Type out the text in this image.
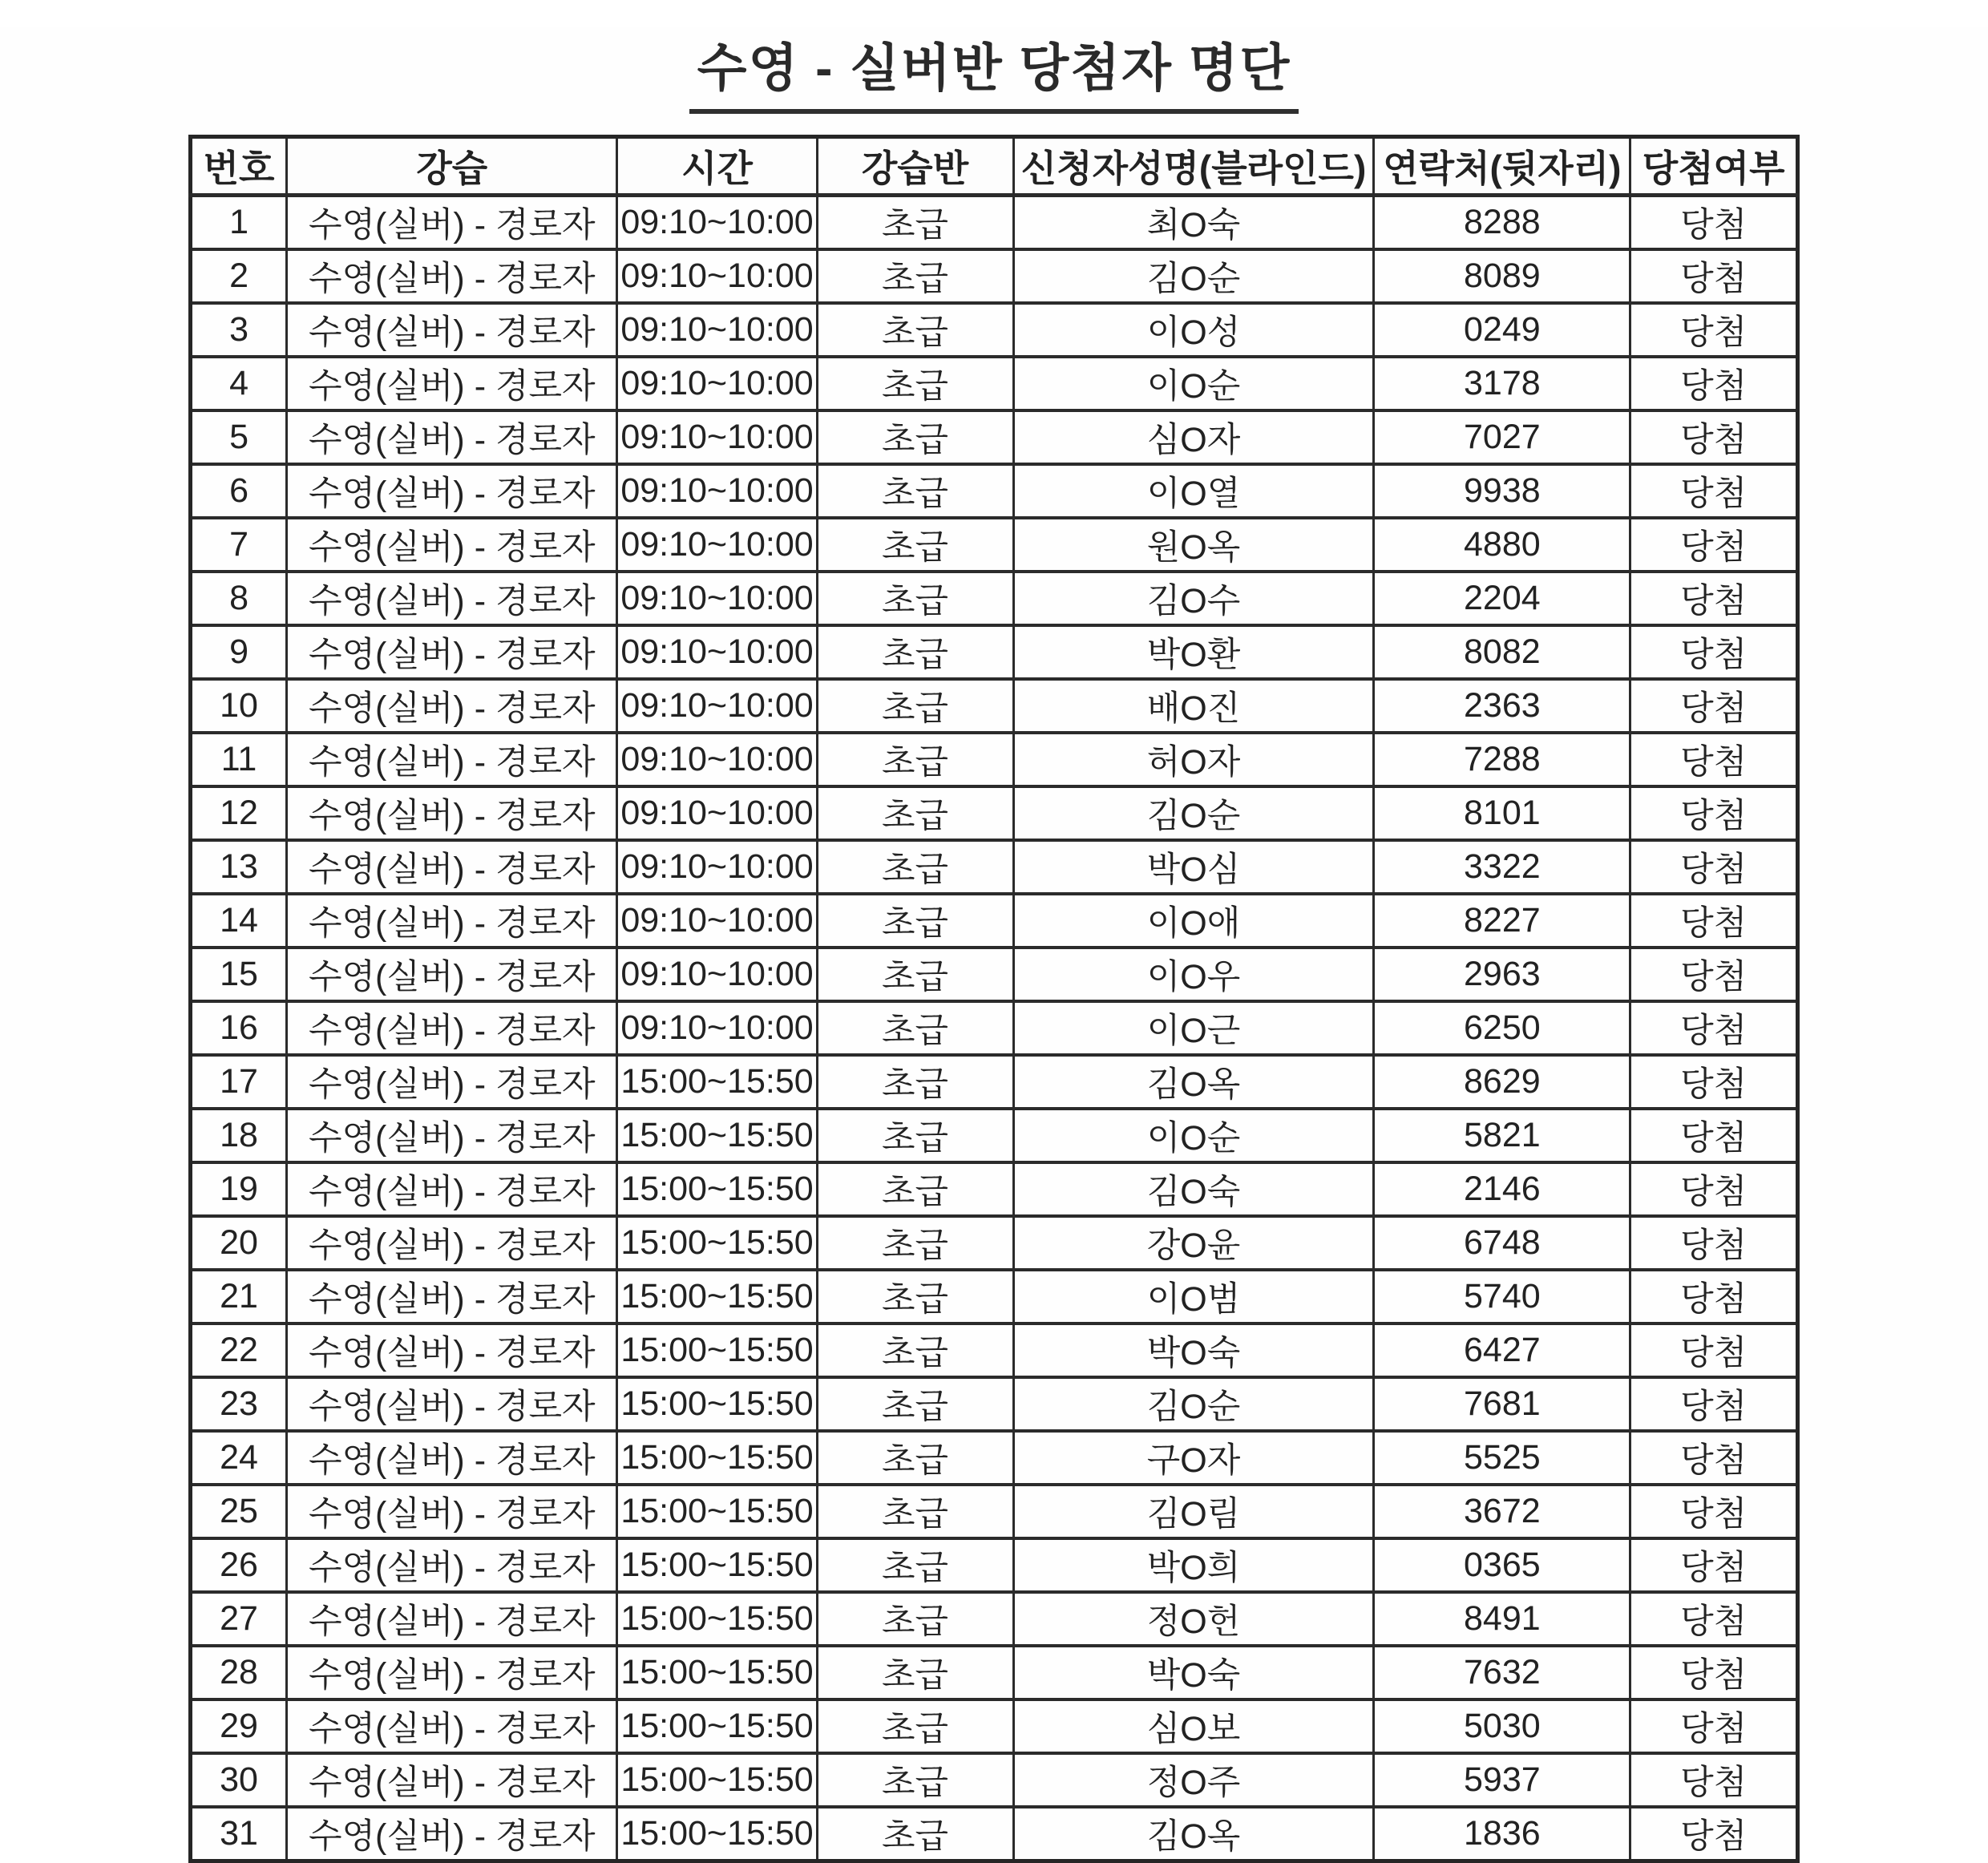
수영 - 실버반 당첨자 명단
번호	강습	시간	강습반	신청자성명(블라인드)	연락처(뒷자리)	당첨여부
1	수영(실버) - 경로자	09:10~10:00	초급	최O숙	8288	당첨
2	수영(실버) - 경로자	09:10~10:00	초급	김O순	8089	당첨
3	수영(실버) - 경로자	09:10~10:00	초급	이O성	0249	당첨
4	수영(실버) - 경로자	09:10~10:00	초급	이O순	3178	당첨
5	수영(실버) - 경로자	09:10~10:00	초급	심O자	7027	당첨
6	수영(실버) - 경로자	09:10~10:00	초급	이O열	9938	당첨
7	수영(실버) - 경로자	09:10~10:00	초급	원O옥	4880	당첨
8	수영(실버) - 경로자	09:10~10:00	초급	김O수	2204	당첨
9	수영(실버) - 경로자	09:10~10:00	초급	박O환	8082	당첨
10	수영(실버) - 경로자	09:10~10:00	초급	배O진	2363	당첨
11	수영(실버) - 경로자	09:10~10:00	초급	허O자	7288	당첨
12	수영(실버) - 경로자	09:10~10:00	초급	김O순	8101	당첨
13	수영(실버) - 경로자	09:10~10:00	초급	박O심	3322	당첨
14	수영(실버) - 경로자	09:10~10:00	초급	이O애	8227	당첨
15	수영(실버) - 경로자	09:10~10:00	초급	이O우	2963	당첨
16	수영(실버) - 경로자	09:10~10:00	초급	이O근	6250	당첨
17	수영(실버) - 경로자	15:00~15:50	초급	김O옥	8629	당첨
18	수영(실버) - 경로자	15:00~15:50	초급	이O순	5821	당첨
19	수영(실버) - 경로자	15:00~15:50	초급	김O숙	2146	당첨
20	수영(실버) - 경로자	15:00~15:50	초급	강O윤	6748	당첨
21	수영(실버) - 경로자	15:00~15:50	초급	이O범	5740	당첨
22	수영(실버) - 경로자	15:00~15:50	초급	박O숙	6427	당첨
23	수영(실버) - 경로자	15:00~15:50	초급	김O순	7681	당첨
24	수영(실버) - 경로자	15:00~15:50	초급	구O자	5525	당첨
25	수영(실버) - 경로자	15:00~15:50	초급	김O림	3672	당첨
26	수영(실버) - 경로자	15:00~15:50	초급	박O희	0365	당첨
27	수영(실버) - 경로자	15:00~15:50	초급	정O헌	8491	당첨
28	수영(실버) - 경로자	15:00~15:50	초급	박O숙	7632	당첨
29	수영(실버) - 경로자	15:00~15:50	초급	심O보	5030	당첨
30	수영(실버) - 경로자	15:00~15:50	초급	정O주	5937	당첨
31	수영(실버) - 경로자	15:00~15:50	초급	김O옥	1836	당첨
